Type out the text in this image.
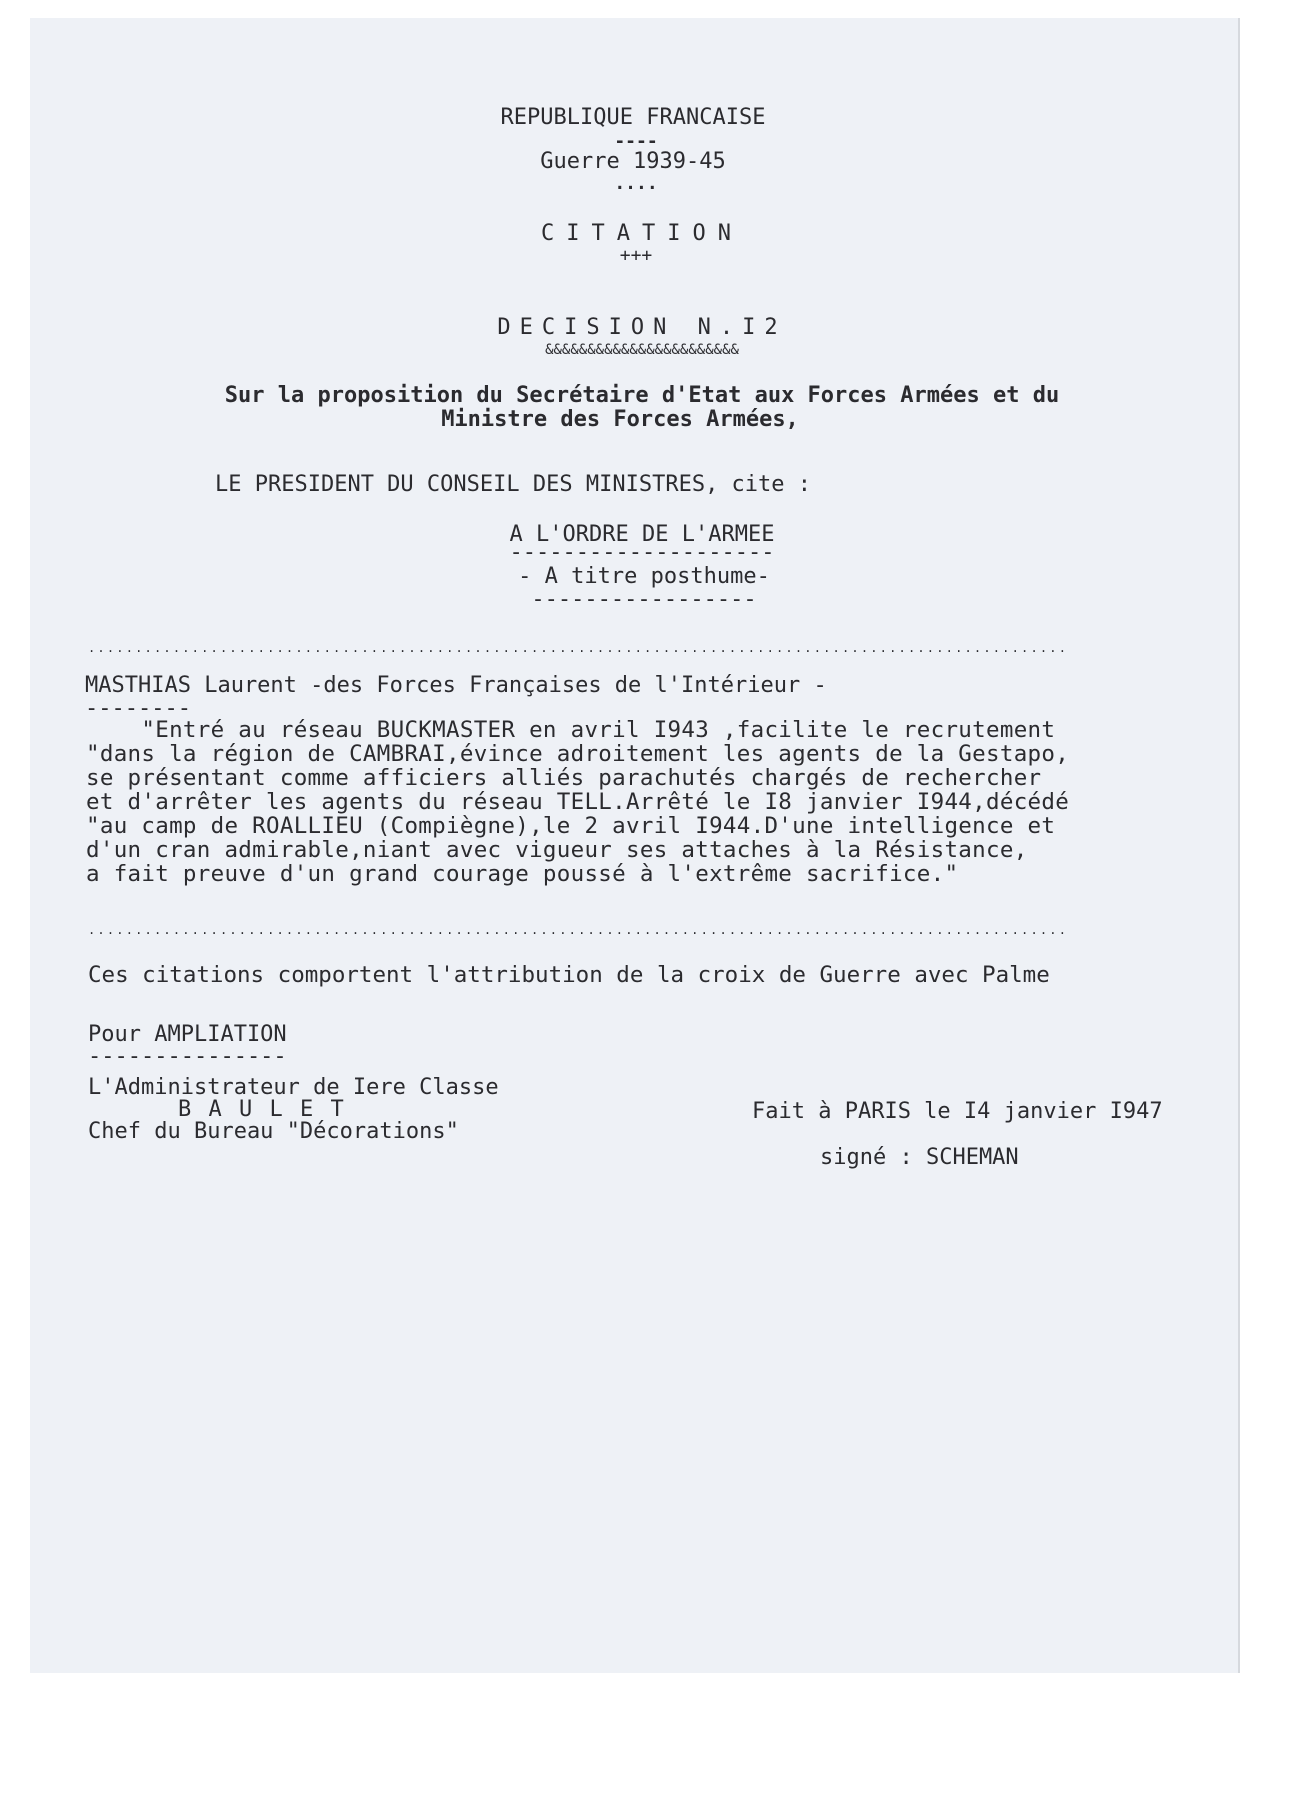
REPUBLIQUE FRANCAISE
----
Guerre 1939-45
....
CITATION
+++
DECISION N.I2
&&&&&&&&&&&&&&&&&&&&&&&
Sur la proposition du Secrétaire d'Etat aux Forces Armées et du
Ministre des Forces Armées,
LE PRESIDENT DU CONSEIL DES MINISTRES, cite :
A L'ORDRE DE L'ARMEE
--------------------
- A titre posthume-
-----------------
........................................................................................................
MASTHIAS Laurent -des Forces Françaises de l'Intérieur -
--------
"Entré au réseau BUCKMASTER en avril I943 ,facilite le recrutement
"dans la région de CAMBRAI,évince adroitement les agents de la Gestapo,
se présentant comme afficiers alliés parachutés chargés de rechercher
et d'arrêter les agents du réseau TELL.Arrêté le I8 janvier I944,décédé
"au camp de ROALLIEU (Compiègne),le 2 avril I944.D'une intelligence et
d'un cran admirable,niant avec vigueur ses attaches à la Résistance,
a fait preuve d'un grand courage poussé à l'extrême sacrifice."
........................................................................................................
Ces citations comportent l'attribution de la croix de Guerre avec Palme
Pour AMPLIATION
---------------
L'Administrateur de Iere Classe
B A U L E T
Chef du Bureau "Décorations"
Fait à PARIS le I4 janvier I947
signé : SCHEMAN
